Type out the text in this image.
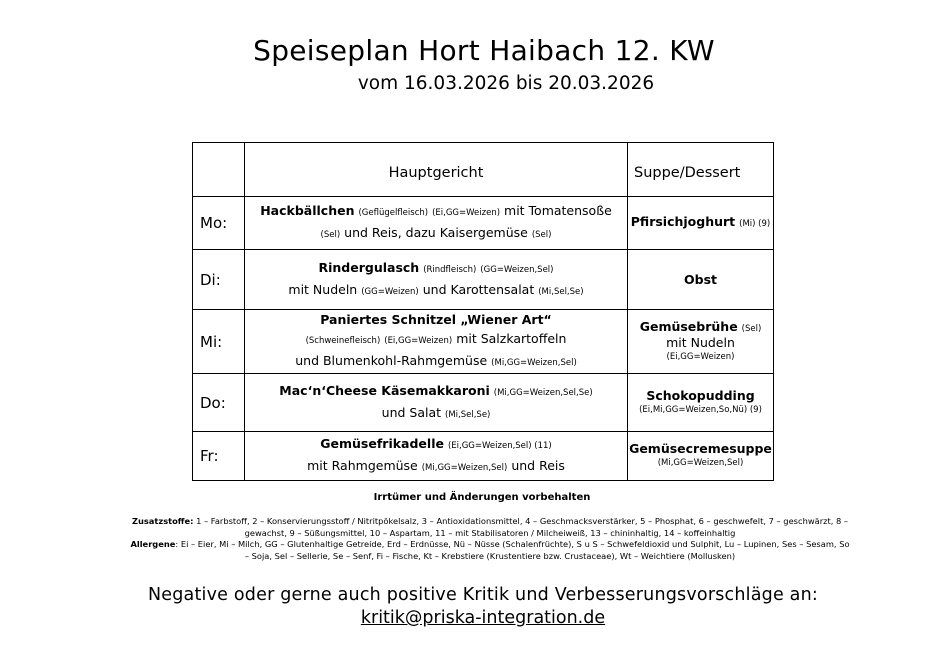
Speiseplan Hort Haibach 12. KW
vom 16.03.2026 bis 20.03.2026
	Hauptgericht	Suppe/Dessert
Mo:	Hackbällchen (Geflügelfleisch) (Ei,GG=Weizen) mit Tomatensoße
(Sel) und Reis, dazu Kaisergemüse (Sel)	Pfirsichjoghurt (Mi) (9)
Di:	Rindergulasch (Rindfleisch) (GG=Weizen,Sel)
mit Nudeln (GG=Weizen) und Karottensalat (Mi,Sel,Se)	Obst
Mi:	Paniertes Schnitzel „Wiener Art“
(Schweinefleisch) (Ei,GG=Weizen) mit Salzkartoffeln
und Blumenkohl-Rahmgemüse (Mi,GG=Weizen,Sel)	Gemüsebrühe (Sel)
mit Nudeln
(Ei,GG=Weizen)

Do:	Mac‘n‘Cheese Käsemakkaroni (Mi,GG=Weizen,Sel,Se)
und Salat (Mi,Sel,Se)	Schokopudding
(Ei,Mi,GG=Weizen,So,Nü) (9)

Fr:	Gemüsefrikadelle (Ei,GG=Weizen,Sel) (11)
mit Rahmgemüse (Mi,GG=Weizen,Sel) und Reis	Gemüsecremesuppe
(Mi,GG=Weizen,Sel)
Irrtümer und Änderungen vorbehalten
Zusatzstoffe: 1 – Farbstoff, 2 – Konservierungsstoff / Nitritpökelsalz, 3 – Antioxidationsmittel, 4 – Geschmacksverstärker, 5 – Phosphat, 6 – geschwefelt, 7 – geschwärzt, 8 – gewachst, 9 – Süßungsmittel, 10 – Aspartam, 11 – mit Stabilisatoren / Milcheiweiß, 13 – chininhaltig, 14 – koffeinhaltig
Allergene: Ei – Eier, Mi – Milch, GG – Glutenhaltige Getreide, Erd – Erdnüsse, Nü – Nüsse (Schalenfrüchte), S u S – Schwefeldioxid und Sulphit, Lu – Lupinen, Ses – Sesam, So – Soja, Sel – Sellerie, Se – Senf, Fi – Fische, Kt – Krebstiere (Krustentiere bzw. Crustaceae), Wt – Weichtiere (Mollusken)
Negative oder gerne auch positive Kritik und Verbesserungsvorschläge an:
kritik@priska-integration.de
